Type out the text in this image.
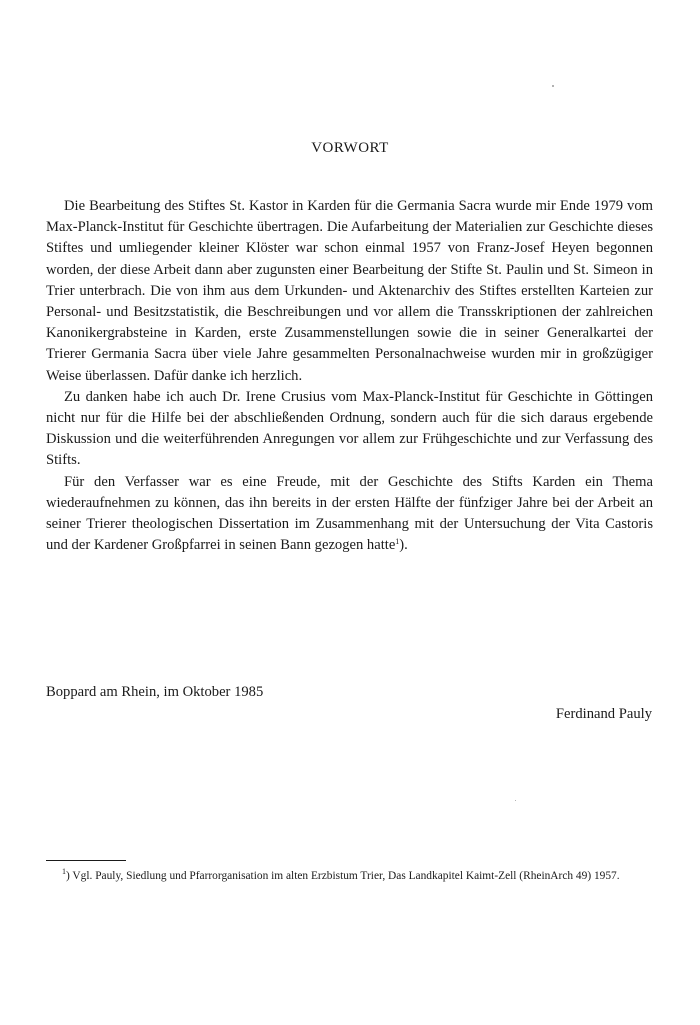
VORWORT

Die Bearbeitung des Stiftes St. Kastor in Karden für die Germania Sacra wurde mir Ende 1979 vom Max-Planck-Institut für Geschichte übertragen. Die Aufarbeitung der Materialien zur Geschichte dieses Stiftes und umliegender kleiner Klöster war schon einmal 1957 von Franz-Josef Heyen begonnen worden, der diese Arbeit dann aber zugunsten einer Bearbeitung der Stifte St. Paulin und St. Simeon in Trier unterbrach. Die von ihm aus dem Urkunden- und Aktenarchiv des Stiftes erstellten Karteien zur Personal- und Besitzstatistik, die Beschreibungen und vor allem die Transskriptionen der zahlreichen Kanonikergrabsteine in Karden, erste Zusammenstellungen sowie die in seiner Generalkartei der Trierer Germania Sacra über viele Jahre gesammelten Personalnachweise wurden mir in großzügiger Weise überlassen. Dafür danke ich herzlich.

Zu danken habe ich auch Dr. Irene Crusius vom Max-Planck-Institut für Geschichte in Göttingen nicht nur für die Hilfe bei der abschließenden Ordnung, sondern auch für die sich daraus ergebende Diskussion und die weiterführenden Anregungen vor allem zur Frühgeschichte und zur Verfassung des Stifts.

Für den Verfasser war es eine Freude, mit der Geschichte des Stifts Karden ein Thema wiederaufnehmen zu können, das ihn bereits in der ersten Hälfte der fünfziger Jahre bei der Arbeit an seiner Trierer theologischen Dissertation im Zusammenhang mit der Untersuchung der Vita Castoris und der Kardener Großpfarrei in seinen Bann gezogen hatte$^1$).

Boppard am Rhein, im Oktober 1985
Ferdinand Pauly
$^1$) Vgl. Pauly, Siedlung und Pfarrorganisation im alten Erzbistum Trier, Das Landkapitel Kaimt-Zell (RheinArch 49) 1957.
